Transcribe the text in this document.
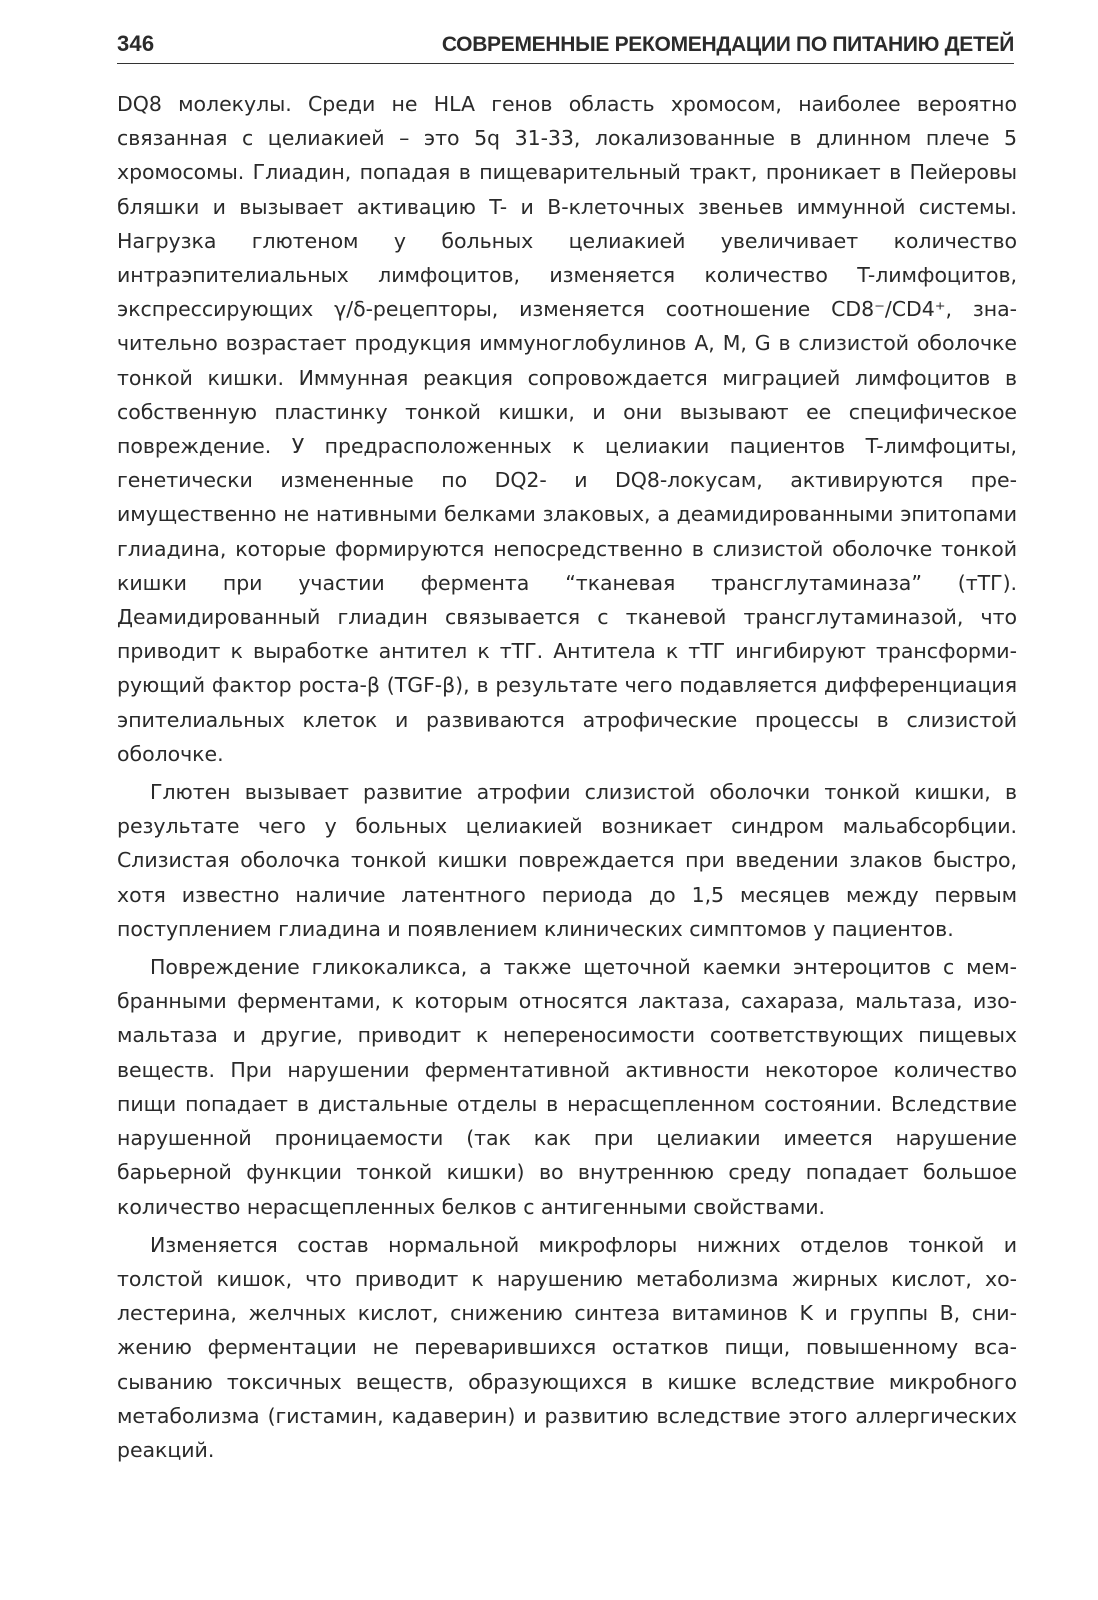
346	СОВРЕМЕННЫЕ РЕКОМЕНДАЦИИ ПО ПИТАНИЮ ДЕТЕЙ

DQ8 молекулы. Среди не HLA генов область хромосом, наиболее вероятно связанная с целиакией – это 5q 31-33, локализованные в длинном плече 5 хромосомы. Глиадин, попадая в пищеварительный тракт, проникает в Пейеровы бляшки и вызывает активацию T- и B-клеточных звеньев иммунной системы. Нагрузка глютеном у больных целиакией увеличивает количество интраэпителиальных лимфоцитов, изменяется количество T-лимфоцитов, экспрессирующих γ/δ-рецепторы, изменяется соотношение CD8⁻/CD4⁺, значительно возрастает продукция иммуноглобулинов A, M, G в слизистой оболочке тонкой кишки. Иммунная реакция сопровождается миграцией лимфоцитов в собственную пластинку тонкой кишки, и они вызывают ее специфическое повреждение. У предрасположенных к целиакии пациентов T-лимфоциты, генетически измененные по DQ2- и DQ8-локусам, активируются преимущественно не нативными белками злаковых, а деамидированными эпитопами глиадина, которые формируются непосредственно в слизистой оболочке тонкой кишки при участии фермента “тканевая трансглутаминаза” (тТГ). Деамидированный глиадин связывается с тканевой трансглутаминазой, что приводит к выработке антител к тТГ. Антитела к тТГ ингибируют трансформирующий фактор роста-β (TGF-β), в результате чего подавляется дифференциация эпителиальных клеток и развиваются атрофические процессы в слизистой оболочке.

Глютен вызывает развитие атрофии слизистой оболочки тонкой кишки, в результате чего у больных целиакией возникает синдром мальабсорбции. Слизистая оболочка тонкой кишки повреждается при введении злаков быстро, хотя известно наличие латентного периода до 1,5 месяцев между первым поступлением глиадина и появлением клинических симптомов у пациентов.

Повреждение гликокаликса, а также щеточной каемки энтероцитов с мембранными ферментами, к которым относятся лактаза, сахараза, мальтаза, изомальтаза и другие, приводит к непереносимости соответствующих пищевых веществ. При нарушении ферментативной активности некоторое количество пищи попадает в дистальные отделы в нерасщепленном состоянии. Вследствие нарушенной проницаемости (так как при целиакии имеется нарушение барьерной функции тонкой кишки) во внутреннюю среду попадает большое количество нерасщепленных белков с антигенными свойствами.

Изменяется состав нормальной микрофлоры нижних отделов тонкой и толстой кишок, что приводит к нарушению метаболизма жирных кислот, холестерина, желчных кислот, снижению синтеза витаминов K и группы B, снижению ферментации не переварившихся остатков пищи, повышенному всасыванию токсичных веществ, образующихся в кишке вследствие микробного метаболизма (гистамин, кадаверин) и развитию вследствие этого аллергических реакций.
